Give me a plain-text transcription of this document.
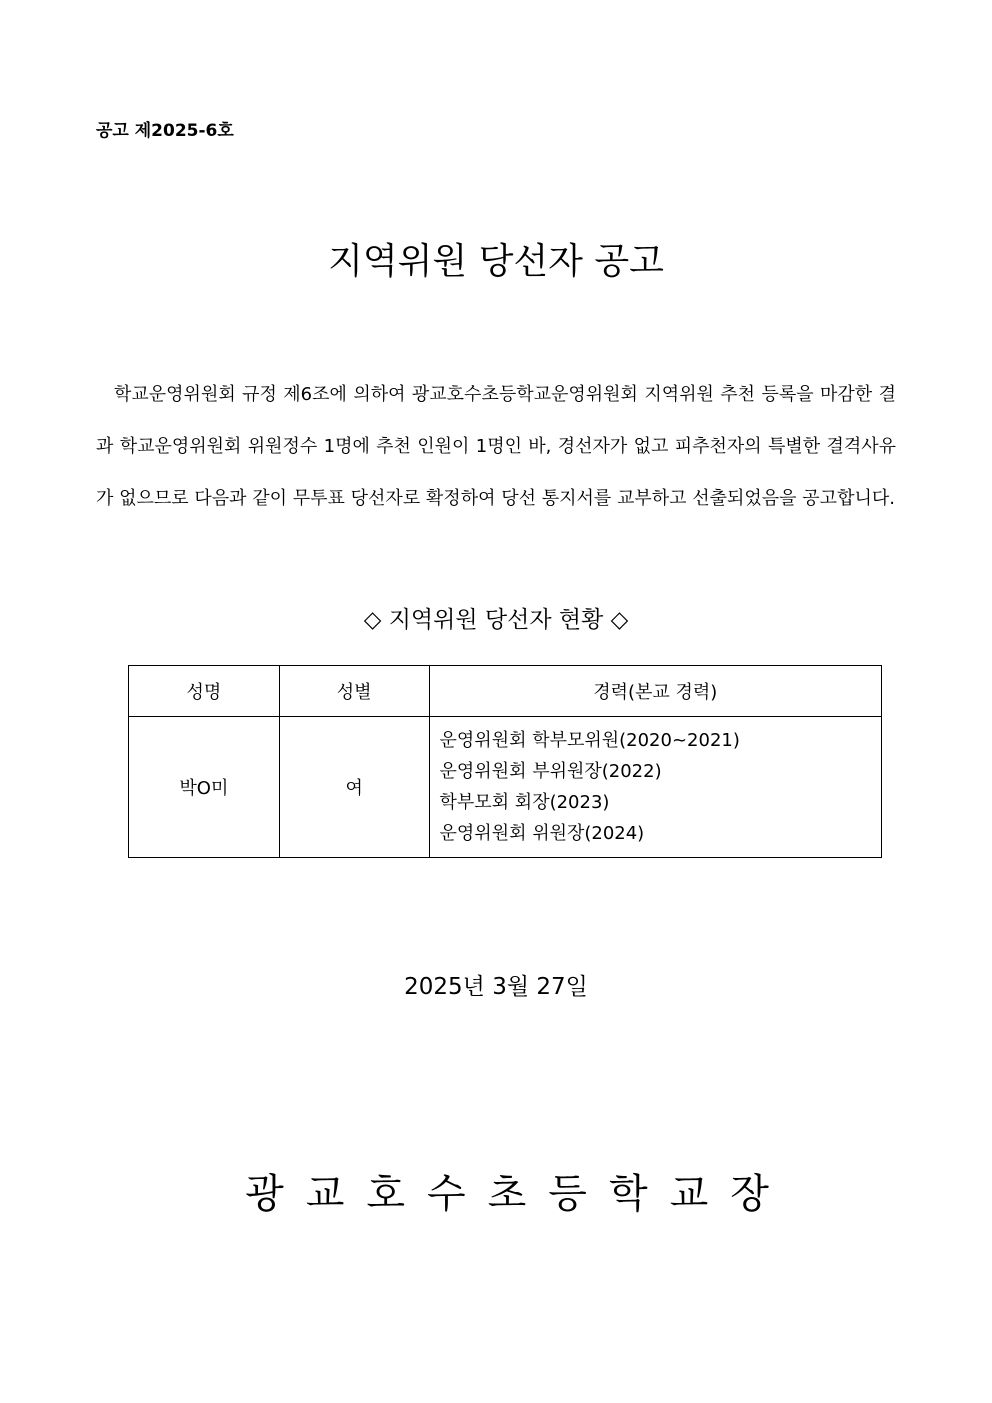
공고 제2025-6호
지역위원 당선자 공고
학교운영위원회 규정 제6조에 의하여 광교호수초등학교운영위원회 지역위원 추천 등록을 마감한 결과 학교운영위원회 위원정수 1명에 추천 인원이 1명인 바, 경선자가 없고 피추천자의 특별한 결격사유가 없으므로 다음과 같이 무투표 당선자로 확정하여 당선 통지서를 교부하고 선출되었음을 공고합니다.
◇ 지역위원 당선자 현황 ◇
성명	성별	경력(본교 경력)
박O미	여	운영위원회 학부모위원(2020~2021)
운영위원회 부위원장(2022)
학부모회 회장(2023)
운영위원회 위원장(2024)
2025년 3월 27일
광교호수초등학교장
